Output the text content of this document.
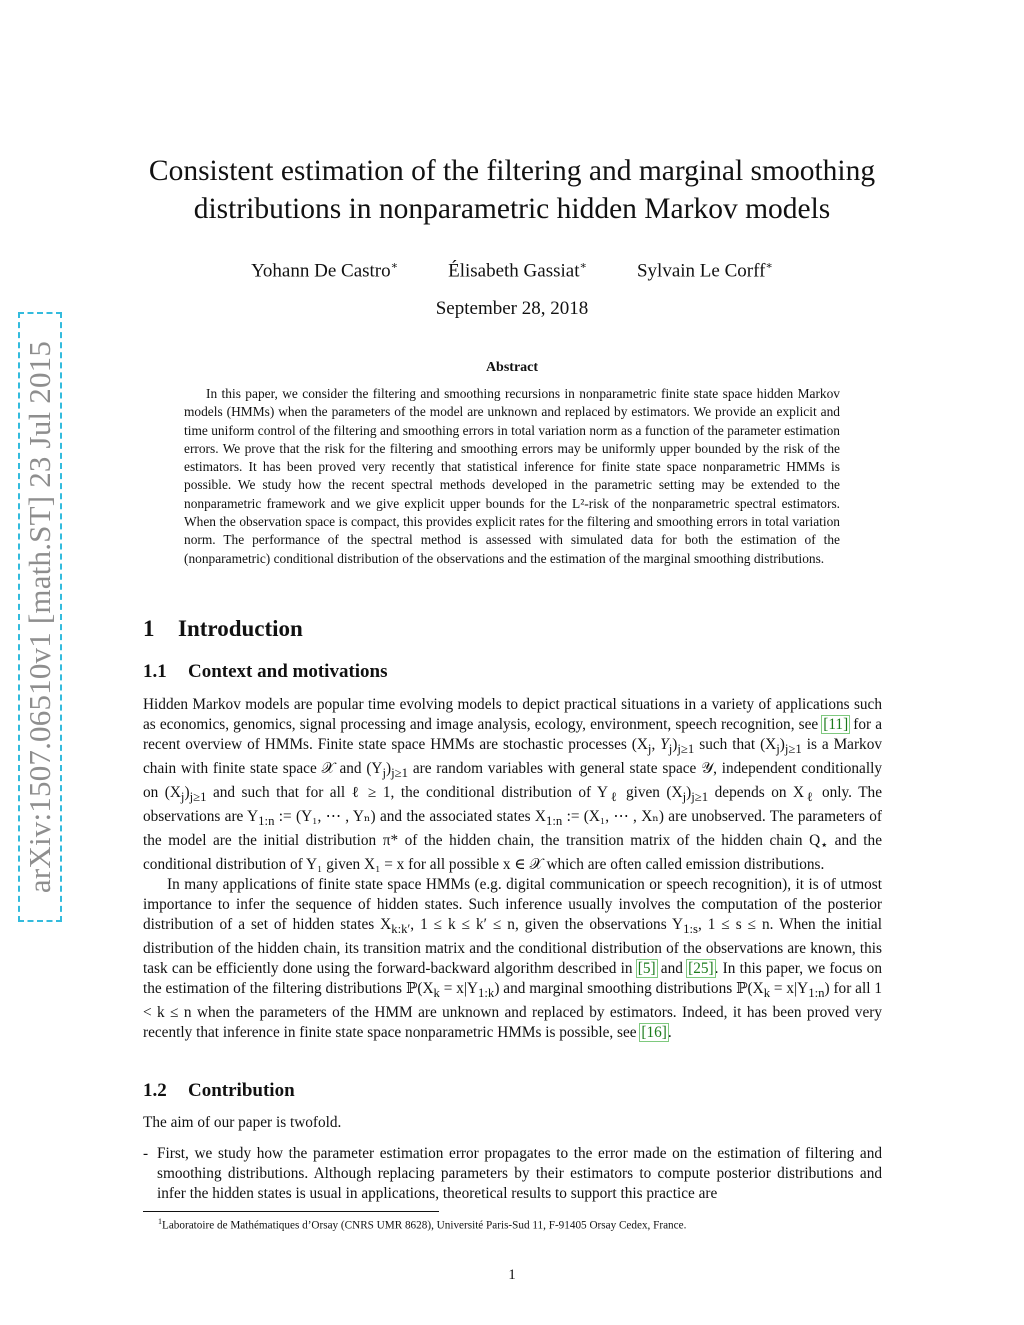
arXiv:1507.06510v1 [math.ST] 23 Jul 2015
Consistent estimation of the filtering and marginal smoothing distributions in nonparametric hidden Markov models
Yohann De Castro∗	Élisabeth Gassiat∗	Sylvain Le Corff∗
September 28, 2018
Abstract
In this paper, we consider the filtering and smoothing recursions in nonparametric finite state space hidden Markov models (HMMs) when the parameters of the model are unknown and replaced by estimators. We provide an explicit and time uniform control of the filtering and smoothing errors in total variation norm as a function of the parameter estimation errors. We prove that the risk for the filtering and smoothing errors may be uniformly upper bounded by the risk of the estimators. It has been proved very recently that statistical inference for finite state space nonparametric HMMs is possible. We study how the recent spectral methods developed in the parametric setting may be extended to the nonparametric framework and we give explicit upper bounds for the L²-risk of the nonparametric spectral estimators. When the observation space is compact, this provides explicit rates for the filtering and smoothing errors in total variation norm. The performance of the spectral method is assessed with simulated data for both the estimation of the (nonparametric) conditional distribution of the observations and the estimation of the marginal smoothing distributions.
1 Introduction
1.1 Context and motivations
Hidden Markov models are popular time evolving models to depict practical situations in a variety of applications such as economics, genomics, signal processing and image analysis, ecology, environment, speech recognition, see [11] for a recent overview of HMMs. Finite state space HMMs are stochastic processes ($X_j$, $Y_j)_{j\ge 1}$ such that $(X_j)_{j\ge 1}$ is a Markov chain with finite state space 𝒳 and $(Y_j)_{j\ge 1}$ are random variables with general state space 𝒴, independent conditionally on $(X_j)_{j\ge 1}$ and such that for all ℓ ≥ 1, the conditional distribution of $Y_\ell$ given $(X_j)_{j\ge 1}$ depends on $X_\ell$ only. The observations are $Y_{1:n}$ := (Y₁, ⋯ , Yₙ) and the associated states $X_{1:n}$ := (X₁, ⋯ , Xₙ) are unobserved. The parameters of the model are the initial distribution π* of the hidden chain, the transition matrix of the hidden chain $Q_⋆$ and the conditional distribution of Y₁ given X₁ = x for all possible x ∈ 𝒳 which are often called emission distributions.
In many applications of finite state space HMMs (e.g. digital communication or speech recognition), it is of utmost importance to infer the sequence of hidden states. Such inference usually involves the computation of the posterior distribution of a set of hidden states $X_{k:k'}$, 1 ≤ k ≤ k′ ≤ n, given the observations $Y_{1:s}$, 1 ≤ s ≤ n. When the initial distribution of the hidden chain, its transition matrix and the conditional distribution of the observations are known, this task can be efficiently done using the forward-backward algorithm described in [5] and [25]. In this paper, we focus on the estimation of the filtering distributions $ℙ(X_k = x|Y_{1:k})$ and marginal smoothing distributions $ℙ(X_k = x|Y_{1:n})$ for all 1 < k ≤ n when the parameters of the HMM are unknown and replaced by estimators. Indeed, it has been proved very recently that inference in finite state space nonparametric HMMs is possible, see [16].
1.2 Contribution
The aim of our paper is twofold.
- First, we study how the parameter estimation error propagates to the error made on the estimation of filtering and smoothing distributions. Although replacing parameters by their estimators to compute posterior distributions and infer the hidden states is usual in applications, theoretical results to support this practice are
$^1$Laboratoire de Mathématiques d’Orsay (CNRS UMR 8628), Université Paris-Sud 11, F-91405 Orsay Cedex, France.
1
